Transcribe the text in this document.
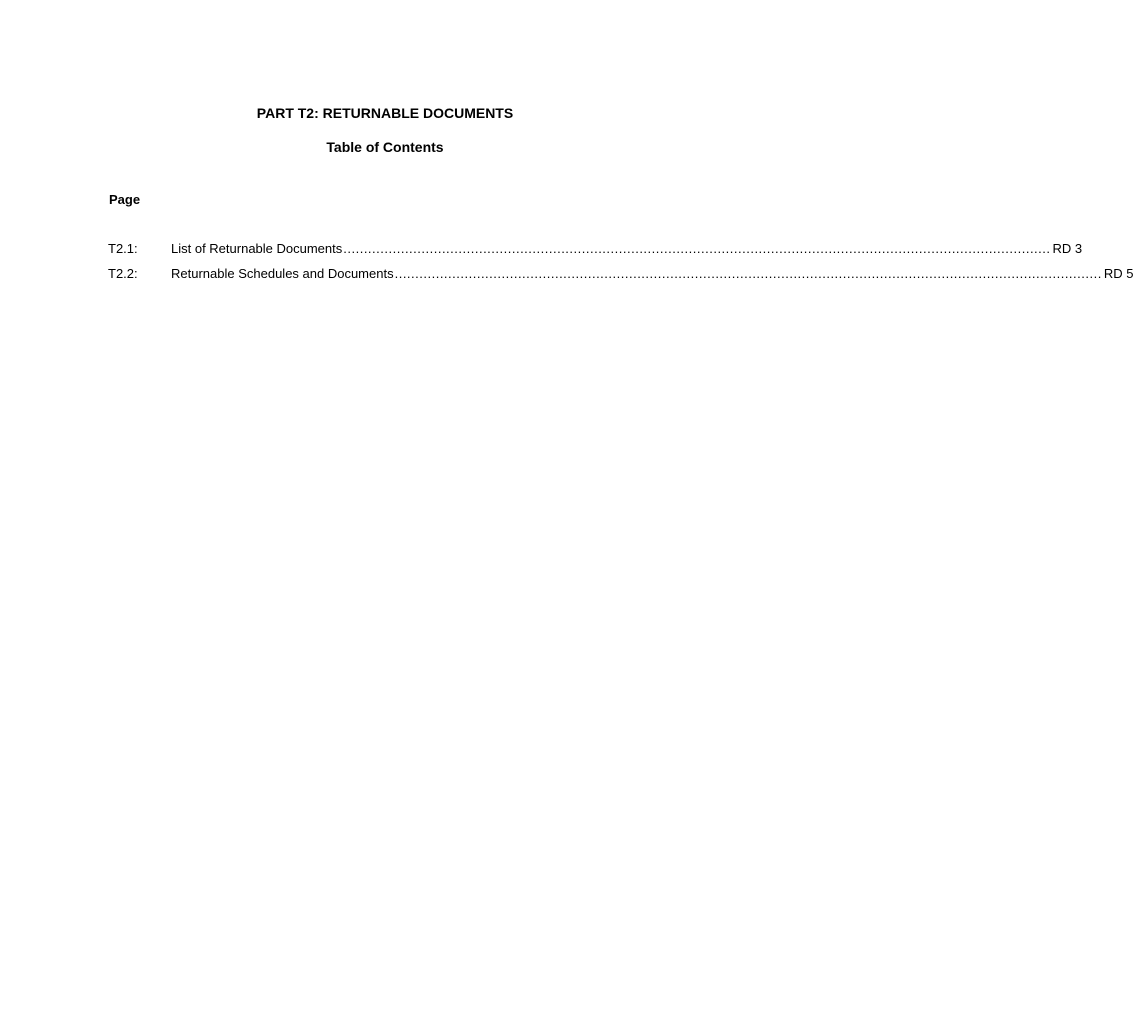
PART T2: RETURNABLE DOCUMENTS
Table of Contents
Page
T2.1:	List of Returnable Documents ............................................................................................................................................................................ RD 3
T2.2:	Returnable Schedules and Documents ............................................................................................................................................................................ RD 5
